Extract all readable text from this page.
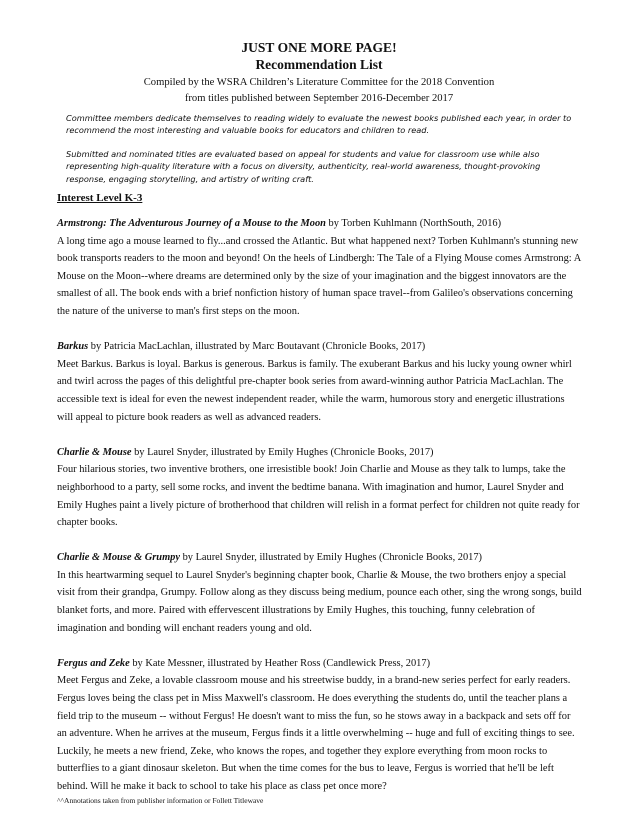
JUST ONE MORE PAGE!
Recommendation List
Compiled by the WSRA Children’s Literature Committee for the 2018 Convention
from titles published between September 2016-December 2017

Committee members dedicate themselves to reading widely to evaluate the newest books published each year, in order to recommend the most interesting and valuable books for educators and children to read.

Submitted and nominated titles are evaluated based on appeal for students and value for classroom use while also representing high-quality literature with a focus on diversity, authenticity, real-world awareness, thought-provoking response, engaging storytelling, and artistry of writing craft.

Interest Level K-3
Armstrong: The Adventurous Journey of a Mouse to the Moon by Torben Kuhlmann (NorthSouth, 2016)
A long time ago a mouse learned to fly...and crossed the Atlantic. But what happened next? Torben Kuhlmann's stunning new book transports readers to the moon and beyond! On the heels of Lindbergh: The Tale of a Flying Mouse comes Armstrong: A Mouse on the Moon--where dreams are determined only by the size of your imagination and the biggest innovators are the smallest of all. The book ends with a brief nonfiction history of human space travel--from Galileo's observations concerning the nature of the universe to man's first steps on the moon.
Barkus by Patricia MacLachlan, illustrated by Marc Boutavant (Chronicle Books, 2017)
Meet Barkus. Barkus is loyal. Barkus is generous. Barkus is family. The exuberant Barkus and his lucky young owner whirl and twirl across the pages of this delightful pre-chapter book series from award-winning author Patricia MacLachlan. The accessible text is ideal for even the newest independent reader, while the warm, humorous story and energetic illustrations will appeal to picture book readers as well as advanced readers.
Charlie & Mouse by Laurel Snyder, illustrated by Emily Hughes (Chronicle Books, 2017)
Four hilarious stories, two inventive brothers, one irresistible book! Join Charlie and Mouse as they talk to lumps, take the neighborhood to a party, sell some rocks, and invent the bedtime banana. With imagination and humor, Laurel Snyder and Emily Hughes paint a lively picture of brotherhood that children will relish in a format perfect for children not quite ready for chapter books.
Charlie & Mouse & Grumpy by Laurel Snyder, illustrated by Emily Hughes (Chronicle Books, 2017)
In this heartwarming sequel to Laurel Snyder's beginning chapter book, Charlie & Mouse, the two brothers enjoy a special visit from their grandpa, Grumpy. Follow along as they discuss being medium, pounce each other, sing the wrong songs, build blanket forts, and more. Paired with effervescent illustrations by Emily Hughes, this touching, funny celebration of imagination and bonding will enchant readers young and old.
Fergus and Zeke by Kate Messner, illustrated by Heather Ross (Candlewick Press, 2017)
Meet Fergus and Zeke, a lovable classroom mouse and his streetwise buddy, in a brand-new series perfect for early readers. Fergus loves being the class pet in Miss Maxwell's classroom. He does everything the students do, until the teacher plans a field trip to the museum -- without Fergus! He doesn't want to miss the fun, so he stows away in a backpack and sets off for an adventure. When he arrives at the museum, Fergus finds it a little overwhelming -- huge and full of exciting things to see. Luckily, he meets a new friend, Zeke, who knows the ropes, and together they explore everything from moon rocks to butterflies to a giant dinosaur skeleton. But when the time comes for the bus to leave, Fergus is worried that he'll be left behind. Will he make it back to school to take his place as class pet once more?
^^Annotations taken from publisher information or Follett Titlewave
